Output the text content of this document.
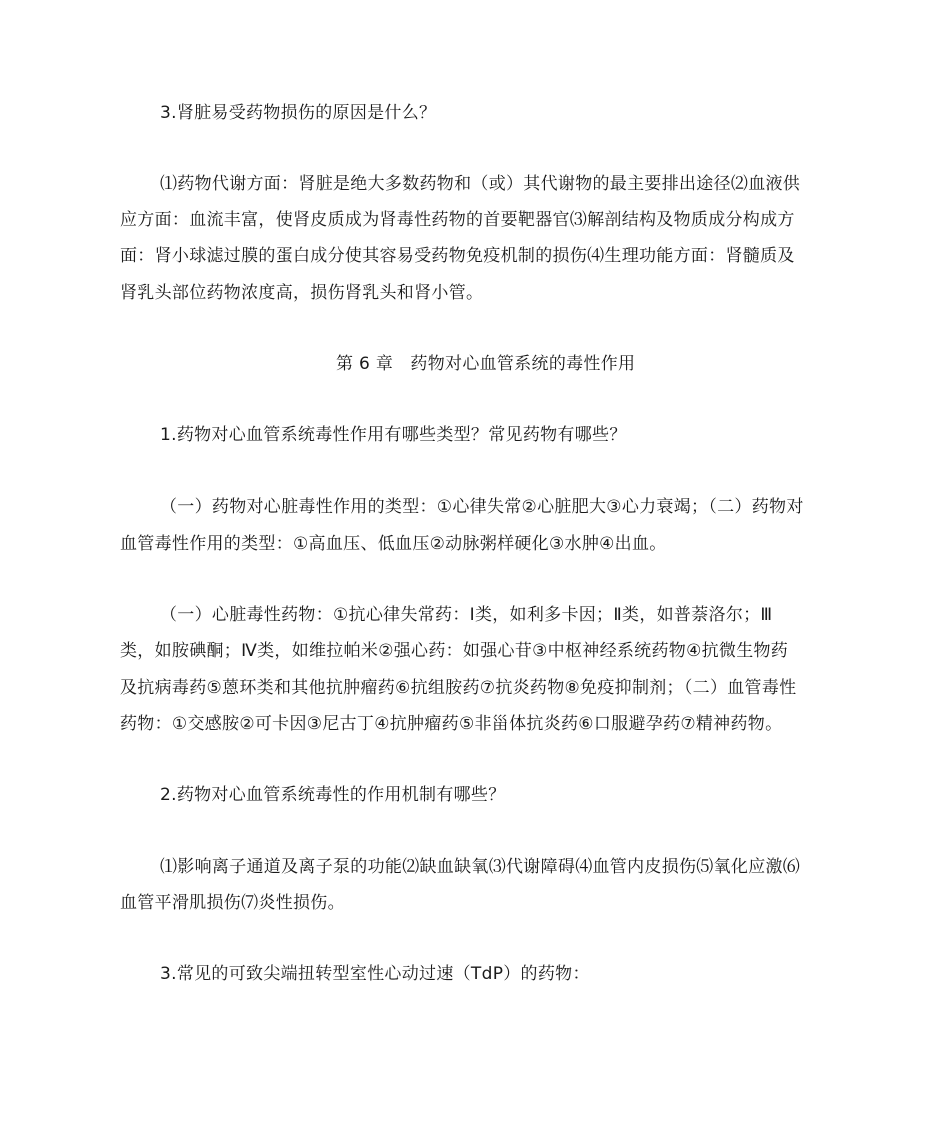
3.肾脏易受药物损伤的原因是什么？
⑴药物代谢方面：肾脏是绝大多数药物和（或）其代谢物的最主要排出途径⑵血液供
应方面：血流丰富，使肾皮质成为肾毒性药物的首要靶器官⑶解剖结构及物质成分构成方
面：肾小球滤过膜的蛋白成分使其容易受药物免疫机制的损伤⑷生理功能方面：肾髓质及
肾乳头部位药物浓度高，损伤肾乳头和肾小管。
第 6 章　药物对心血管系统的毒性作用
1.药物对心血管系统毒性作用有哪些类型？常见药物有哪些？
（一）药物对心脏毒性作用的类型：①心律失常②心脏肥大③心力衰竭；（二）药物对
血管毒性作用的类型：①高血压、低血压②动脉粥样硬化③水肿④出血。
（一）心脏毒性药物：①抗心律失常药：Ⅰ类，如利多卡因；Ⅱ类，如普萘洛尔；Ⅲ
类，如胺碘酮；Ⅳ类，如维拉帕米②强心药：如强心苷③中枢神经系统药物④抗微生物药
及抗病毒药⑤蒽环类和其他抗肿瘤药⑥抗组胺药⑦抗炎药物⑧免疫抑制剂；（二）血管毒性
药物：①交感胺②可卡因③尼古丁④抗肿瘤药⑤非甾体抗炎药⑥口服避孕药⑦精神药物。
2.药物对心血管系统毒性的作用机制有哪些？
⑴影响离子通道及离子泵的功能⑵缺血缺氧⑶代谢障碍⑷血管内皮损伤⑸氧化应激⑹
血管平滑肌损伤⑺炎性损伤。
3.常见的可致尖端扭转型室性心动过速（TdP）的药物：
